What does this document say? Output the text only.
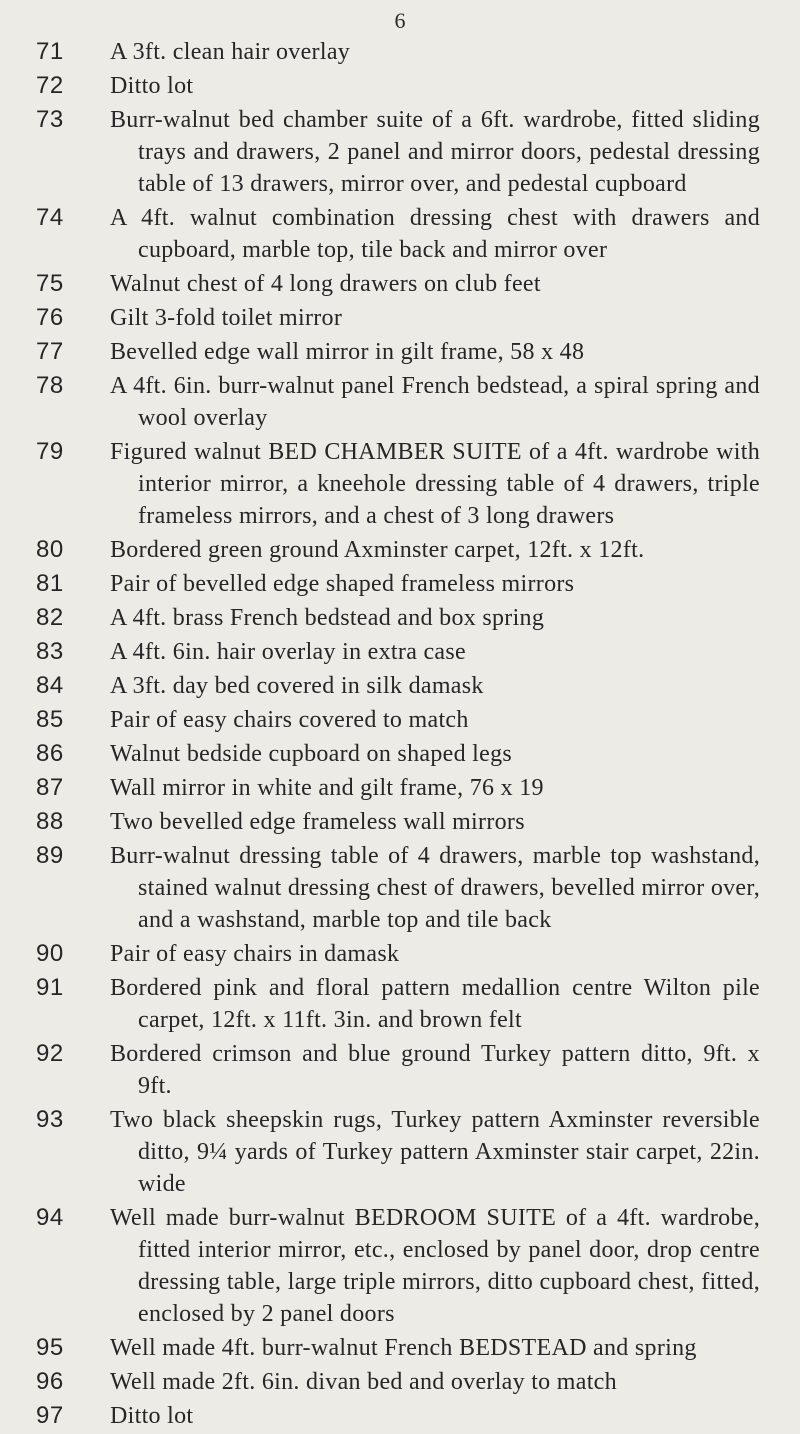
6
71	A 3ft. clean hair overlay
72	Ditto lot
73	Burr-walnut bed chamber suite of a 6ft. wardrobe, fitted sliding trays and drawers, 2 panel and mirror doors, pedestal dressing table of 13 drawers, mirror over, and pedestal cupboard
74	A 4ft. walnut combination dressing chest with drawers and cupboard, marble top, tile back and mirror over
75	Walnut chest of 4 long drawers on club feet
76	Gilt 3-fold toilet mirror
77	Bevelled edge wall mirror in gilt frame, 58 x 48
78	A 4ft. 6in. burr-walnut panel French bedstead, a spiral spring and wool overlay
79	Figured walnut BED CHAMBER SUITE of a 4ft. wardrobe with interior mirror, a kneehole dressing table of 4 drawers, triple frameless mirrors, and a chest of 3 long drawers
80	Bordered green ground Axminster carpet, 12ft. x 12ft.
81	Pair of bevelled edge shaped frameless mirrors
82	A 4ft. brass French bedstead and box spring
83	A 4ft. 6in. hair overlay in extra case
84	A 3ft. day bed covered in silk damask
85	Pair of easy chairs covered to match
86	Walnut bedside cupboard on shaped legs
87	Wall mirror in white and gilt frame, 76 x 19
88	Two bevelled edge frameless wall mirrors
89	Burr-walnut dressing table of 4 drawers, marble top washstand, stained walnut dressing chest of drawers, bevelled mirror over, and a washstand, marble top and tile back
90	Pair of easy chairs in damask
91	Bordered pink and floral pattern medallion centre Wilton pile carpet, 12ft. x 11ft. 3in. and brown felt
92	Bordered crimson and blue ground Turkey pattern ditto, 9ft. x 9ft.
93	Two black sheepskin rugs, Turkey pattern Axminster reversible ditto, 9¼ yards of Turkey pattern Axminster stair carpet, 22in. wide
94	Well made burr-walnut BEDROOM SUITE of a 4ft. wardrobe, fitted interior mirror, etc., enclosed by panel door, drop centre dressing table, large triple mirrors, ditto cupboard chest, fitted, enclosed by 2 panel doors
95	Well made 4ft. burr-walnut French BEDSTEAD and spring
96	Well made 2ft. 6in. divan bed and overlay to match
97	Ditto lot
